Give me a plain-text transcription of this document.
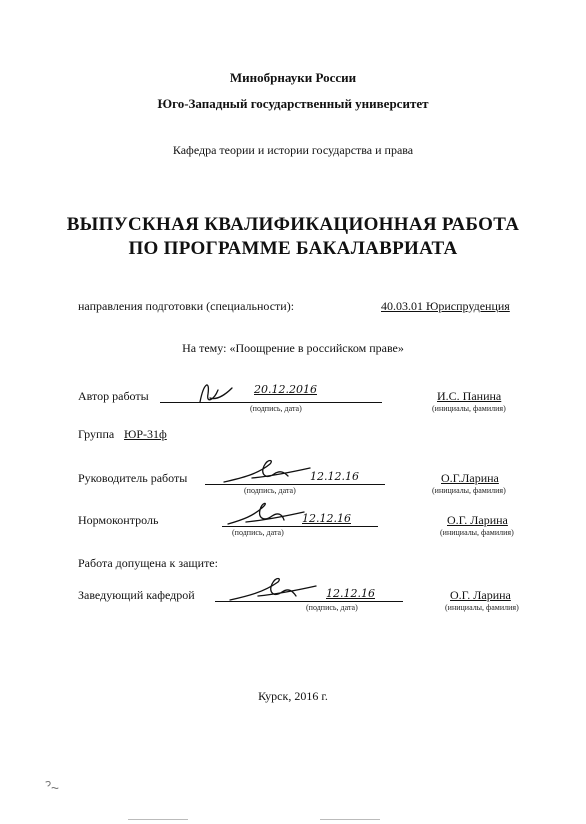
Минобрнауки России
Юго-Западный государственный университет
Кафедра теории и истории государства и права
ВЫПУСКНАЯ КВАЛИФИКАЦИОННАЯ РАБОТА
ПО ПРОГРАММЕ БАКАЛАВРИАТА
направления подготовки (специальности):	40.03.01 Юриспруденция
На тему: «Поощрение в российском праве»
Автор работы	20.12.2016
(подпись, дата)
И.С. Панина
(инициалы, фамилия)
Группа ЮР-31ф
Руководитель работы	12.12.16
(подпись, дата)
О.Г.Ларина
(инициалы, фамилия)
Нормоконтроль	12.12.16
(подпись, дата)
О.Г. Ларина
(инициалы, фамилия)
Работа допущена к защите:
Заведующий кафедрой	12.12.16
(подпись, дата)
О.Г. Ларина
(инициалы, фамилия)
Курск, 2016 г.
